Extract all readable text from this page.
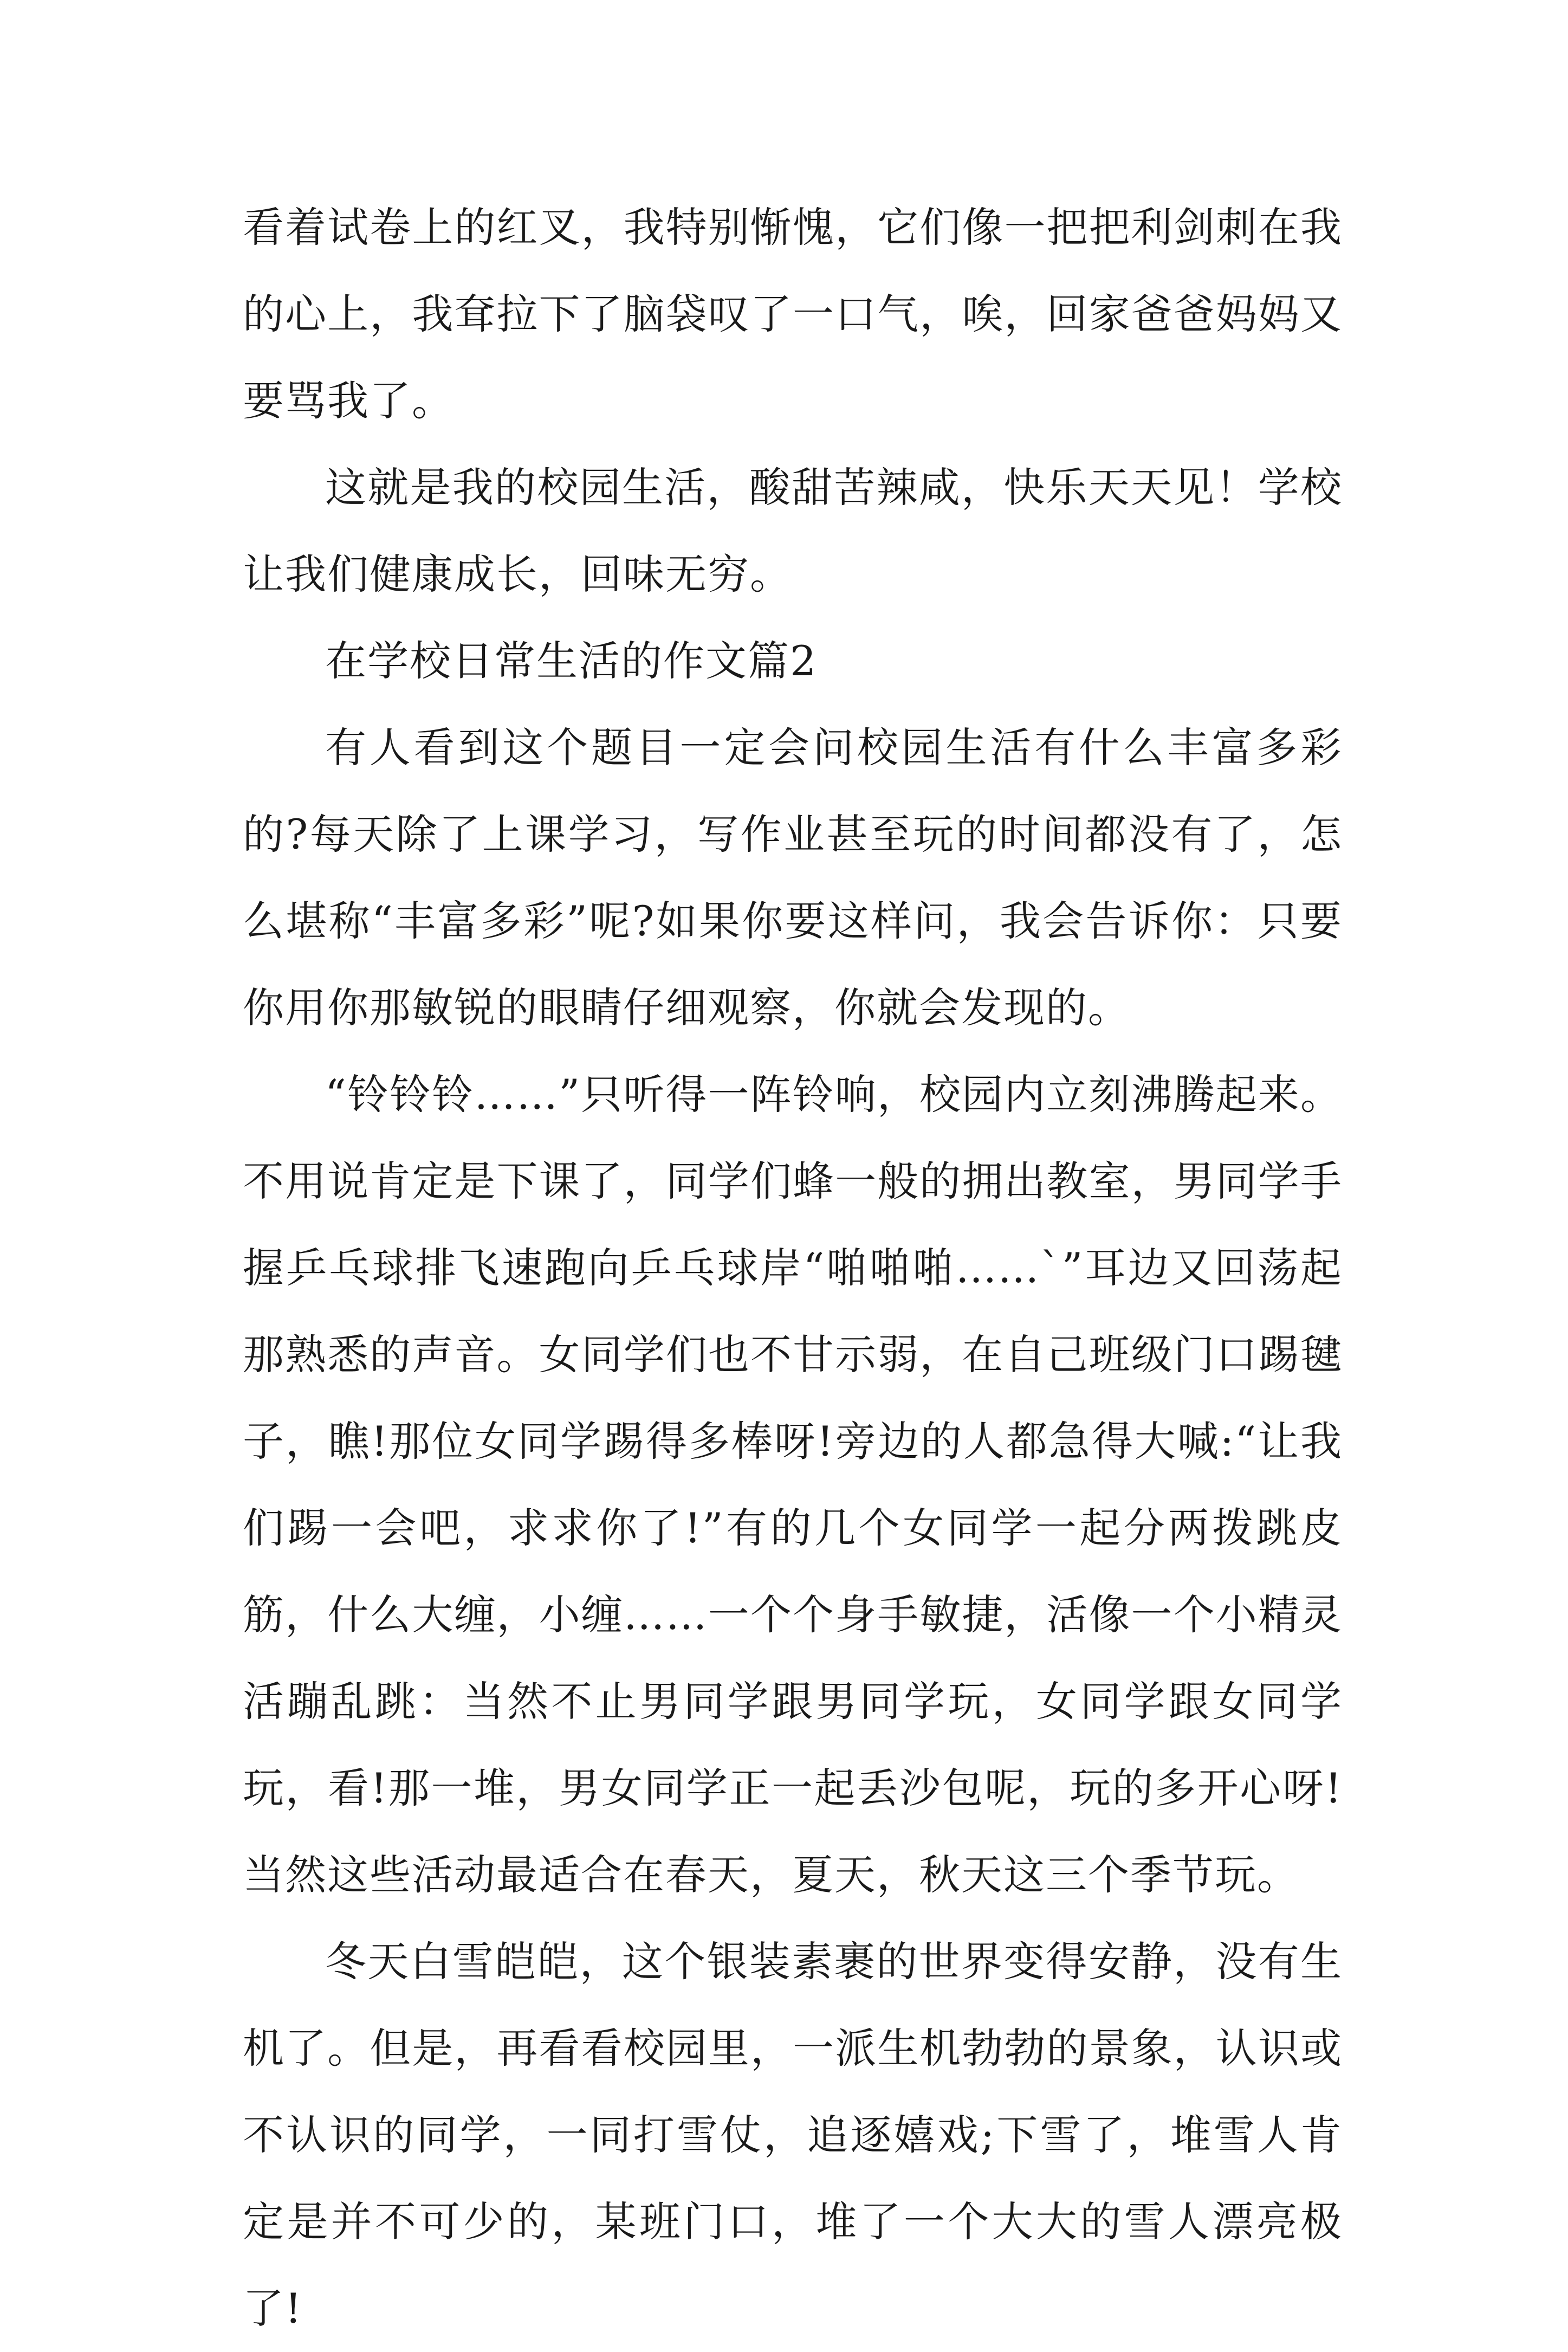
看着试卷上的红叉，我特别惭愧，它们像一把把利剑刺在我的心上，我耷拉下了脑袋叹了一口气，唉，回家爸爸妈妈又要骂我了。

这就是我的校园生活，酸甜苦辣咸，快乐天天见！学校让我们健康成长，回味无穷。

在学校日常生活的作文篇2

有人看到这个题目一定会问校园生活有什么丰富多彩的?每天除了上课学习，写作业甚至玩的时间都没有了，怎么堪称“丰富多彩”呢?如果你要这样问，我会告诉你：只要你用你那敏锐的眼睛仔细观察，你就会发现的。

“铃铃铃……”只听得一阵铃响，校园内立刻沸腾起来。不用说肯定是下课了，同学们蜂一般的拥出教室，男同学手握乒乓球排飞速跑向乒乓球岸“啪啪啪……`”耳边又回荡起那熟悉的声音。女同学们也不甘示弱，在自己班级门口踢毽子，瞧!那位女同学踢得多棒呀!旁边的人都急得大喊:“让我们踢一会吧，求求你了!”有的几个女同学一起分两拨跳皮筋，什么大缠，小缠……一个个身手敏捷，活像一个小精灵活蹦乱跳：当然不止男同学跟男同学玩，女同学跟女同学玩，看!那一堆，男女同学正一起丢沙包呢，玩的多开心呀!当然这些活动最适合在春天，夏天，秋天这三个季节玩。

冬天白雪皑皑，这个银装素裹的世界变得安静，没有生机了。但是，再看看校园里，一派生机勃勃的景象，认识或不认识的同学，一同打雪仗，追逐嬉戏;下雪了，堆雪人肯定是并不可少的，某班门口，堆了一个大大的雪人漂亮极了!
